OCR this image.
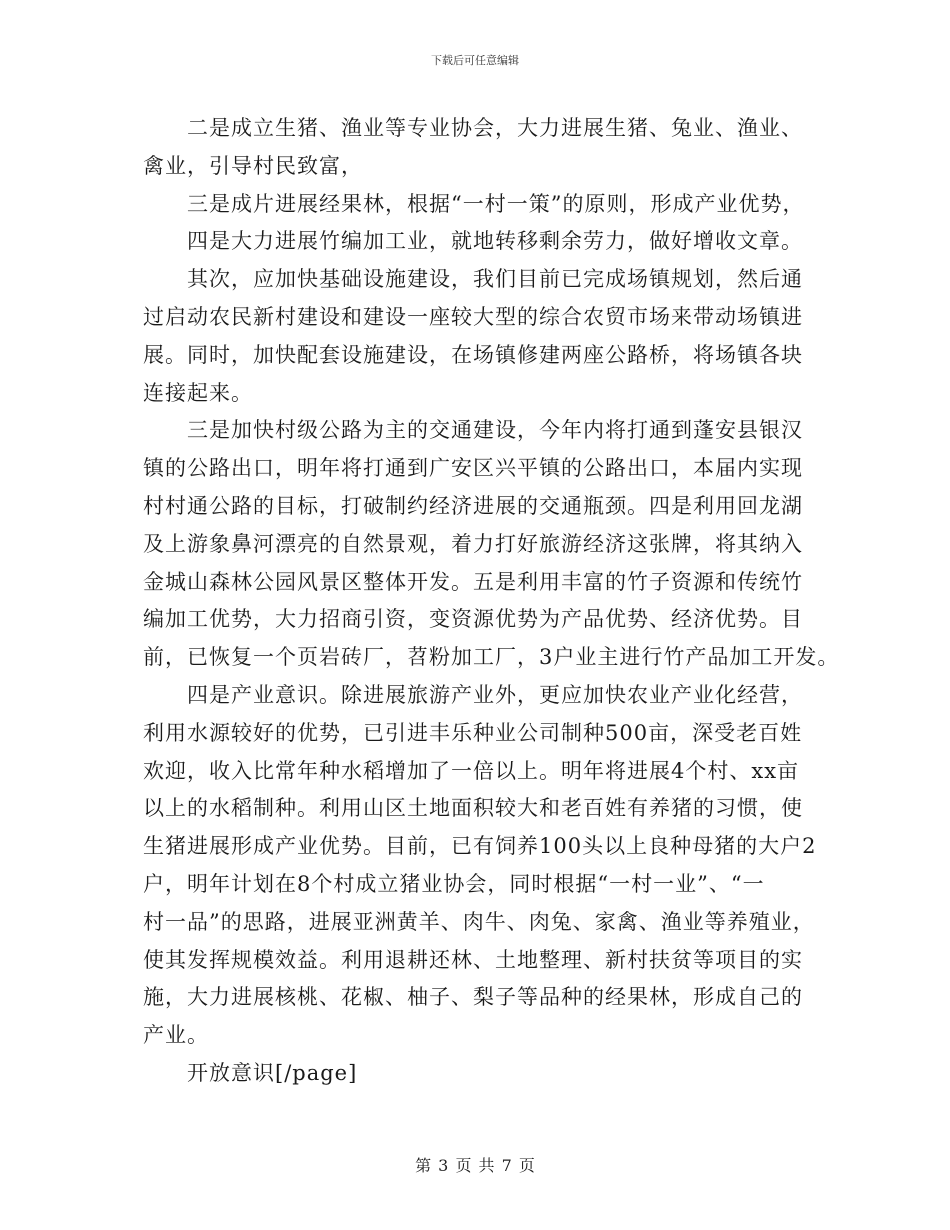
下载后可任意编辑
二是成立生猪、渔业等专业协会，大力进展生猪、兔业、渔业、
禽业，引导村民致富，
三是成片进展经果林，根据“一村一策”的原则，形成产业优势，
四是大力进展竹编加工业，就地转移剩余劳力，做好增收文章。
其次，应加快基础设施建设，我们目前已完成场镇规划，然后通
过启动农民新村建设和建设一座较大型的综合农贸市场来带动场镇进
展。同时，加快配套设施建设，在场镇修建两座公路桥，将场镇各块
连接起来。
三是加快村级公路为主的交通建设，今年内将打通到蓬安县银汉
镇的公路出口，明年将打通到广安区兴平镇的公路出口，本届内实现
村村通公路的目标，打破制约经济进展的交通瓶颈。四是利用回龙湖
及上游象鼻河漂亮的自然景观，着力打好旅游经济这张牌，将其纳入
金城山森林公园风景区整体开发。五是利用丰富的竹子资源和传统竹
编加工优势，大力招商引资，变资源优势为产品优势、经济优势。目
前，已恢复一个页岩砖厂，苕粉加工厂，3户业主进行竹产品加工开发。
四是产业意识。除进展旅游产业外，更应加快农业产业化经营，
利用水源较好的优势，已引进丰乐种业公司制种500亩，深受老百姓
欢迎，收入比常年种水稻增加了一倍以上。明年将进展4个村、xx亩
以上的水稻制种。利用山区土地面积较大和老百姓有养猪的习惯，使
生猪进展形成产业优势。目前，已有饲养100头以上良种母猪的大户2
户，明年计划在8个村成立猪业协会，同时根据“一村一业”、“一
村一品”的思路，进展亚洲黄羊、肉牛、肉兔、家禽、渔业等养殖业，
使其发挥规模效益。利用退耕还林、土地整理、新村扶贫等项目的实
施，大力进展核桃、花椒、柚子、梨子等品种的经果林，形成自己的
产业。
开放意识[/page]
第 3 页 共 7 页
